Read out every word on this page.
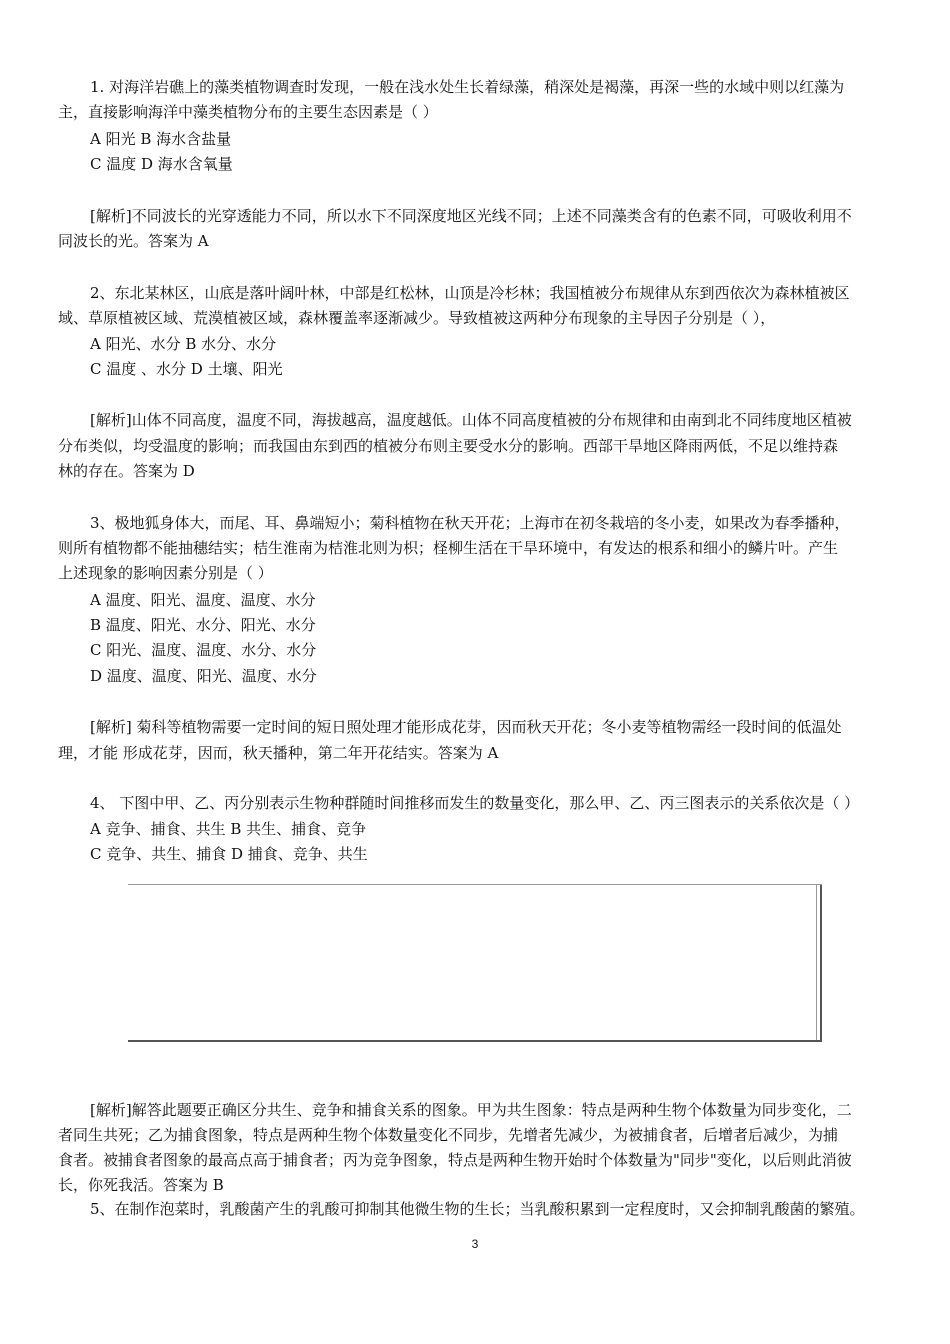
1. 对海洋岩礁上的藻类植物调查时发现，一般在浅水处生长着绿藻，稍深处是褐藻，再深一些的水域中则以红藻为
主，直接影响海洋中藻类植物分布的主要生态因素是（ ）
A 阳光 B 海水含盐量
C 温度 D 海水含氧量
[解析]不同波长的光穿透能力不同，所以水下不同深度地区光线不同；上述不同藻类含有的色素不同，可吸收利用不
同波长的光。答案为 A
2、东北某林区，山底是落叶阔叶林，中部是红松林，山顶是冷杉林；我国植被分布规律从东到西依次为森林植被区
域、草原植被区域、荒漠植被区域，森林覆盖率逐渐减少。导致植被这两种分布现象的主导因子分别是（ ），
A 阳光、水分 B 水分、水分
C 温度 、水分 D 土壤、阳光
[解析]山体不同高度，温度不同，海拔越高，温度越低。山体不同高度植被的分布规律和由南到北不同纬度地区植被
分布类似，均受温度的影响；而我国由东到西的植被分布则主要受水分的影响。西部干旱地区降雨两低，不足以维持森
林的存在。答案为 D
3、极地狐身体大，而尾、耳、鼻端短小；菊科植物在秋天开花；上海市在初冬栽培的冬小麦，如果改为春季播种，
则所有植物都不能抽穗结实；桔生淮南为桔淮北则为枳；柽柳生活在干旱环境中，有发达的根系和细小的鳞片叶。产生
上述现象的影响因素分别是（ ）
A 温度、阳光、温度、温度、水分
B 温度、阳光、水分、阳光、水分
C 阳光、温度、温度、水分、水分
D 温度、温度、阳光、温度、水分
[解析] 菊科等植物需要一定时间的短日照处理才能形成花芽，因而秋天开花；冬小麦等植物需经一段时间的低温处
理，才能 形成花芽，因而，秋天播种，第二年开花结实。答案为 A
4、 下图中甲、乙、丙分别表示生物种群随时间推移而发生的数量变化，那么甲、乙、丙三图表示的关系依次是（ ）
A 竞争、捕食、共生 B 共生、捕食、竞争
C 竞争、共生、捕食 D 捕食、竞争、共生
[解析]解答此题要正确区分共生、竞争和捕食关系的图象。甲为共生图象：特点是两种生物个体数量为同步变化，二
者同生共死；乙为捕食图象，特点是两种生物个体数量变化不同步，先增者先减少，为被捕食者，后增者后减少，为捕
食者。被捕食者图象的最高点高于捕食者；丙为竞争图象，特点是两种生物开始时个体数量为"同步"变化，以后则此消彼
长，你死我活。答案为 B
5、在制作泡菜时，乳酸菌产生的乳酸可抑制其他微生物的生长；当乳酸积累到一定程度时，又会抑制乳酸菌的繁殖。
3
